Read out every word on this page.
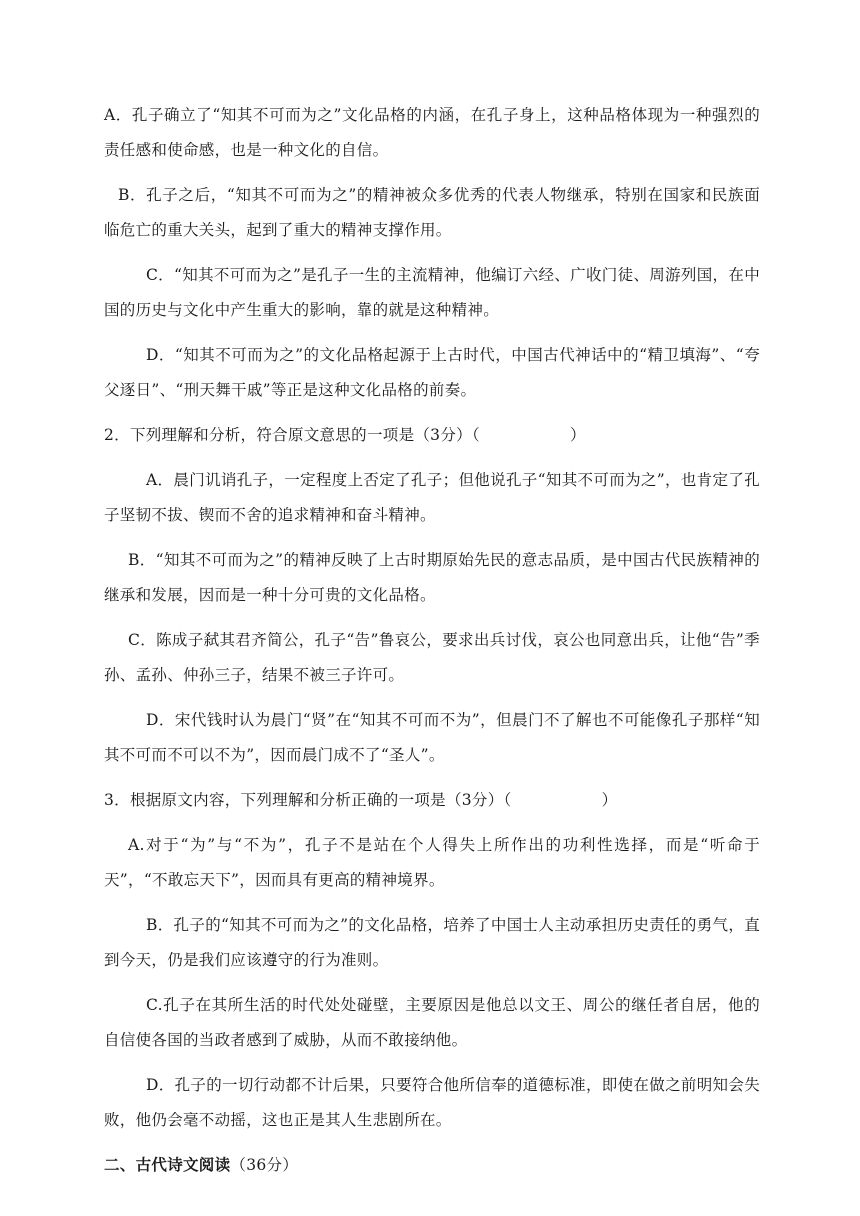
A．孔子确立了“知其不可而为之”文化品格的内涵，在孔子身上，这种品格体现为一种强烈的责任感和使命感，也是一种文化的自信。

B．孔子之后，“知其不可而为之”的精神被众多优秀的代表人物继承，特别在国家和民族面临危亡的重大关头，起到了重大的精神支撑作用。

C．“知其不可而为之”是孔子一生的主流精神，他编订六经、广收门徒、周游列国，在中国的历史与文化中产生重大的影响，靠的就是这种精神。

D．“知其不可而为之”的文化品格起源于上古时代，中国古代神话中的“精卫填海”、“夸父逐日”、“刑天舞干戚”等正是这种文化品格的前奏。

2．下列理解和分析，符合原文意思的一项是（3分）（	）

A．晨门讥诮孔子，一定程度上否定了孔子；但他说孔子“知其不可而为之”，也肯定了孔子坚韧不拔、锲而不舍的追求精神和奋斗精神。

B．“知其不可而为之”的精神反映了上古时期原始先民的意志品质，是中国古代民族精神的继承和发展，因而是一种十分可贵的文化品格。

C．陈成子弑其君齐简公，孔子“告”鲁哀公，要求出兵讨伐，哀公也同意出兵，让他“告”季孙、孟孙、仲孙三子，结果不被三子许可。

D．宋代钱时认为晨门“贤”在“知其不可而不为”，但晨门不了解也不可能像孔子那样“知其不可而不可以不为”，因而晨门成不了“圣人”。

3．根据原文内容，下列理解和分析正确的一项是（3分）（	）

A.对于“为”与“不为”，孔子不是站在个人得失上所作出的功利性选择，而是“听命于天”，“不敢忘天下”，因而具有更高的精神境界。

B．孔子的“知其不可而为之”的文化品格，培养了中国士人主动承担历史责任的勇气，直到今天，仍是我们应该遵守的行为准则。

C.孔子在其所生活的时代处处碰壁，主要原因是他总以文王、周公的继任者自居，他的自信使各国的当政者感到了威胁，从而不敢接纳他。

D．孔子的一切行动都不计后果，只要符合他所信奉的道德标准，即使在做之前明知会失败，他仍会毫不动摇，这也正是其人生悲剧所在。

二、古代诗文阅读（36分）
